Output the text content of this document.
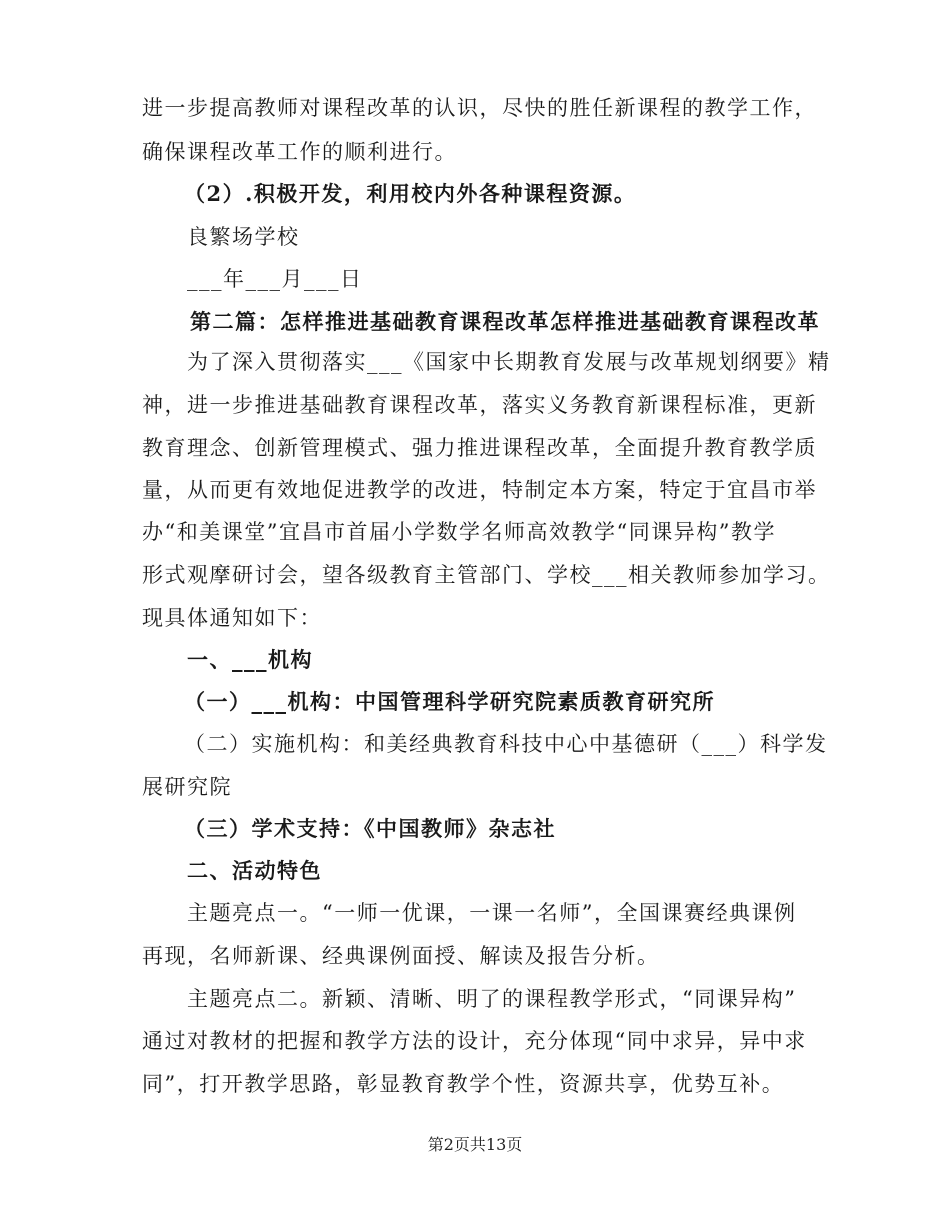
进一步提高教师对课程改革的认识，尽快的胜任新课程的教学工作，
确保课程改革工作的顺利进行。
（2）.积极开发，利用校内外各种课程资源。
良繁场学校
___年___月___日
第二篇：怎样推进基础教育课程改革怎样推进基础教育课程改革
为了深入贯彻落实___《国家中长期教育发展与改革规划纲要》精
神，进一步推进基础教育课程改革，落实义务教育新课程标准，更新
教育理念、创新管理模式、强力推进课程改革，全面提升教育教学质
量，从而更有效地促进教学的改进，特制定本方案，特定于宜昌市举
办“和美课堂”宜昌市首届小学数学名师高效教学“同课异构”教学
形式观摩研讨会，望各级教育主管部门、学校___相关教师参加学习。
现具体通知如下：
一、___机构
（一）___机构：中国管理科学研究院素质教育研究所
（二）实施机构：和美经典教育科技中心中基德研（___）科学发
展研究院
（三）学术支持：《中国教师》杂志社
二、活动特色
主题亮点一。“一师一优课，一课一名师”，全国课赛经典课例
再现，名师新课、经典课例面授、解读及报告分析。
主题亮点二。新颖、清晰、明了的课程教学形式，“同课异构”
通过对教材的把握和教学方法的设计，充分体现“同中求异，异中求
同”，打开教学思路，彰显教育教学个性，资源共享，优势互补。
第2页共13页
